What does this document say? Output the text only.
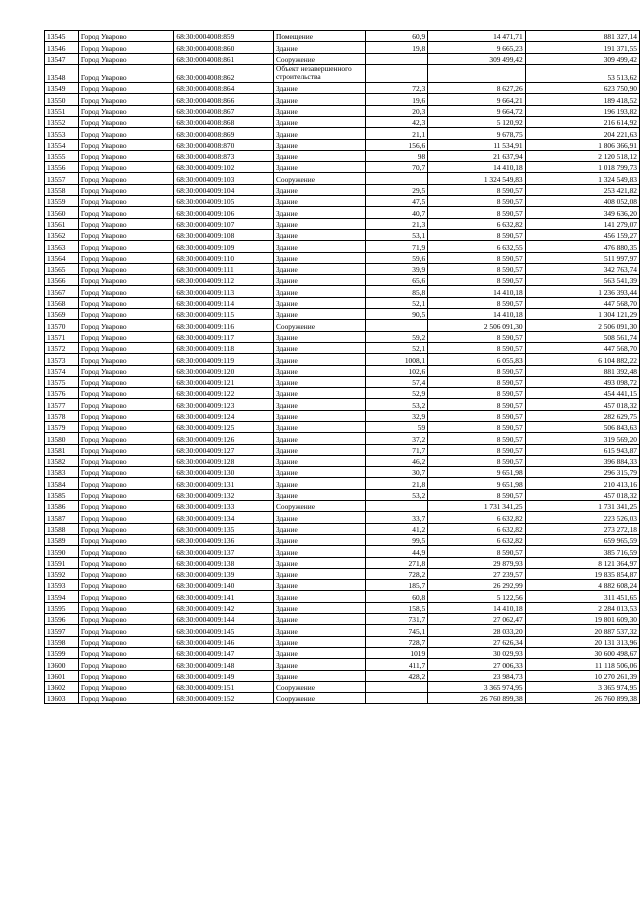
13545	Город Уварово	68:30:0004008:859	Помещение	60,9	14 471,71	881 327,14
13546	Город Уварово	68:30:0004008:860	Здание	19,8	9 665,23	191 371,55
13547	Город Уварово	68:30:0004008:861	Сооружение		309 499,42	309 499,42
13548	Город Уварово	68:30:0004008:862	Объект незавершенного строительства			53 513,62
13549	Город Уварово	68:30:0004008:864	Здание	72,3	8 627,26	623 750,90
13550	Город Уварово	68:30:0004008:866	Здание	19,6	9 664,21	189 418,52
13551	Город Уварово	68:30:0004008:867	Здание	20,3	9 664,72	196 193,82
13552	Город Уварово	68:30:0004008:868	Здание	42,3	5 120,92	216 614,92
13553	Город Уварово	68:30:0004008:869	Здание	21,1	9 678,75	204 221,63
13554	Город Уварово	68:30:0004008:870	Здание	156,6	11 534,91	1 806 366,91
13555	Город Уварово	68:30:0004008:873	Здание	98	21 637,94	2 120 518,12
13556	Город Уварово	68:30:0004009:102	Здание	70,7	14 410,18	1 018 799,73
13557	Город Уварово	68:30:0004009:103	Сооружение		1 324 549,83	1 324 549,83
13558	Город Уварово	68:30:0004009:104	Здание	29,5	8 590,57	253 421,82
13559	Город Уварово	68:30:0004009:105	Здание	47,5	8 590,57	408 052,08
13560	Город Уварово	68:30:0004009:106	Здание	40,7	8 590,57	349 636,20
13561	Город Уварово	68:30:0004009:107	Здание	21,3	6 632,82	141 279,07
13562	Город Уварово	68:30:0004009:108	Здание	53,1	8 590,57	456 159,27
13563	Город Уварово	68:30:0004009:109	Здание	71,9	6 632,55	476 880,35
13564	Город Уварово	68:30:0004009:110	Здание	59,6	8 590,57	511 997,97
13565	Город Уварово	68:30:0004009:111	Здание	39,9	8 590,57	342 763,74
13566	Город Уварово	68:30:0004009:112	Здание	65,6	8 590,57	563 541,39
13567	Город Уварово	68:30:0004009:113	Здание	85,8	14 410,18	1 236 393,44
13568	Город Уварово	68:30:0004009:114	Здание	52,1	8 590,57	447 568,70
13569	Город Уварово	68:30:0004009:115	Здание	90,5	14 410,18	1 304 121,29
13570	Город Уварово	68:30:0004009:116	Сооружение		2 506 091,30	2 506 091,30
13571	Город Уварово	68:30:0004009:117	Здание	59,2	8 590,57	508 561,74
13572	Город Уварово	68:30:0004009:118	Здание	52,1	8 590,57	447 568,70
13573	Город Уварово	68:30:0004009:119	Здание	1008,1	6 055,83	6 104 882,22
13574	Город Уварово	68:30:0004009:120	Здание	102,6	8 590,57	881 392,48
13575	Город Уварово	68:30:0004009:121	Здание	57,4	8 590,57	493 098,72
13576	Город Уварово	68:30:0004009:122	Здание	52,9	8 590,57	454 441,15
13577	Город Уварово	68:30:0004009:123	Здание	53,2	8 590,57	457 018,32
13578	Город Уварово	68:30:0004009:124	Здание	32,9	8 590,57	282 629,75
13579	Город Уварово	68:30:0004009:125	Здание	59	8 590,57	506 843,63
13580	Город Уварово	68:30:0004009:126	Здание	37,2	8 590,57	319 569,20
13581	Город Уварово	68:30:0004009:127	Здание	71,7	8 590,57	615 943,87
13582	Город Уварово	68:30:0004009:128	Здание	46,2	8 590,57	396 884,33
13583	Город Уварово	68:30:0004009:130	Здание	30,7	9 651,98	296 315,79
13584	Город Уварово	68:30:0004009:131	Здание	21,8	9 651,98	210 413,16
13585	Город Уварово	68:30:0004009:132	Здание	53,2	8 590,57	457 018,32
13586	Город Уварово	68:30:0004009:133	Сооружение		1 731 341,25	1 731 341,25
13587	Город Уварово	68:30:0004009:134	Здание	33,7	6 632,82	223 526,03
13588	Город Уварово	68:30:0004009:135	Здание	41,2	6 632,82	273 272,18
13589	Город Уварово	68:30:0004009:136	Здание	99,5	6 632,82	659 965,59
13590	Город Уварово	68:30:0004009:137	Здание	44,9	8 590,57	385 716,59
13591	Город Уварово	68:30:0004009:138	Здание	271,8	29 879,93	8 121 364,97
13592	Город Уварово	68:30:0004009:139	Здание	728,2	27 239,57	19 835 854,87
13593	Город Уварово	68:30:0004009:140	Здание	185,7	26 292,99	4 882 608,24
13594	Город Уварово	68:30:0004009:141	Здание	60,8	5 122,56	311 451,65
13595	Город Уварово	68:30:0004009:142	Здание	158,5	14 410,18	2 284 013,53
13596	Город Уварово	68:30:0004009:144	Здание	731,7	27 062,47	19 801 609,30
13597	Город Уварово	68:30:0004009:145	Здание	745,1	28 033,20	20 887 537,32
13598	Город Уварово	68:30:0004009:146	Здание	728,7	27 626,34	20 131 313,96
13599	Город Уварово	68:30:0004009:147	Здание	1019	30 029,93	30 600 498,67
13600	Город Уварово	68:30:0004009:148	Здание	411,7	27 006,33	11 118 506,06
13601	Город Уварово	68:30:0004009:149	Здание	428,2	23 984,73	10 270 261,39
13602	Город Уварово	68:30:0004009:151	Сооружение		3 365 974,95	3 365 974,95
13603	Город Уварово	68:30:0004009:152	Сооружение		26 760 899,38	26 760 899,38
